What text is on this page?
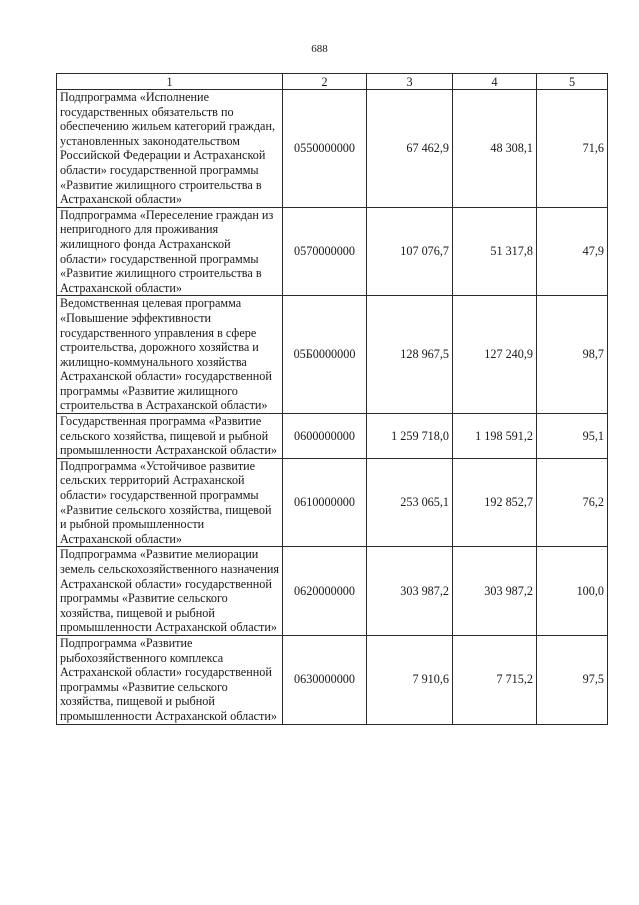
688
1	2	3	4	5
Подпрограмма «Исполнение государственных обязательств по обеспечению жильем категорий граждан, установленных законодательством Российской Федерации и Астраханской области» государственной программы «Развитие жилищного строительства в Астраханской области»	0550000000	67 462,9	48 308,1	71,6
Подпрограмма «Переселение граждан из непригодного для проживания жилищного фонда Астраханской области» государственной программы «Развитие жилищного строительства в Астраханской области»	0570000000	107 076,7	51 317,8	47,9
Ведомственная целевая программа «Повышение эффективности государственного управления в сфере строительства, дорожного хозяйства и жилищно-коммунального хозяйства Астраханской области» государственной программы «Развитие жилищного строительства в Астраханской области»	05Б0000000	128 967,5	127 240,9	98,7
Государственная программа «Развитие сельского хозяйства, пищевой и рыбной промышленности Астраханской области»	0600000000	1 259 718,0	1 198 591,2	95,1
Подпрограмма «Устойчивое развитие сельских территорий Астраханской области» государственной программы «Развитие сельского хозяйства, пищевой и рыбной промышленности Астраханской области»	0610000000	253 065,1	192 852,7	76,2
Подпрограмма «Развитие мелиорации земель сельскохозяйственного назначения Астраханской области» государственной программы «Развитие сельского хозяйства, пищевой и рыбной промышленности Астраханской области»	0620000000	303 987,2	303 987,2	100,0
Подпрограмма «Развитие рыбохозяйственного комплекса Астраханской области» государственной программы «Развитие сельского хозяйства, пищевой и рыбной промышленности Астраханской области»	0630000000	7 910,6	7 715,2	97,5
